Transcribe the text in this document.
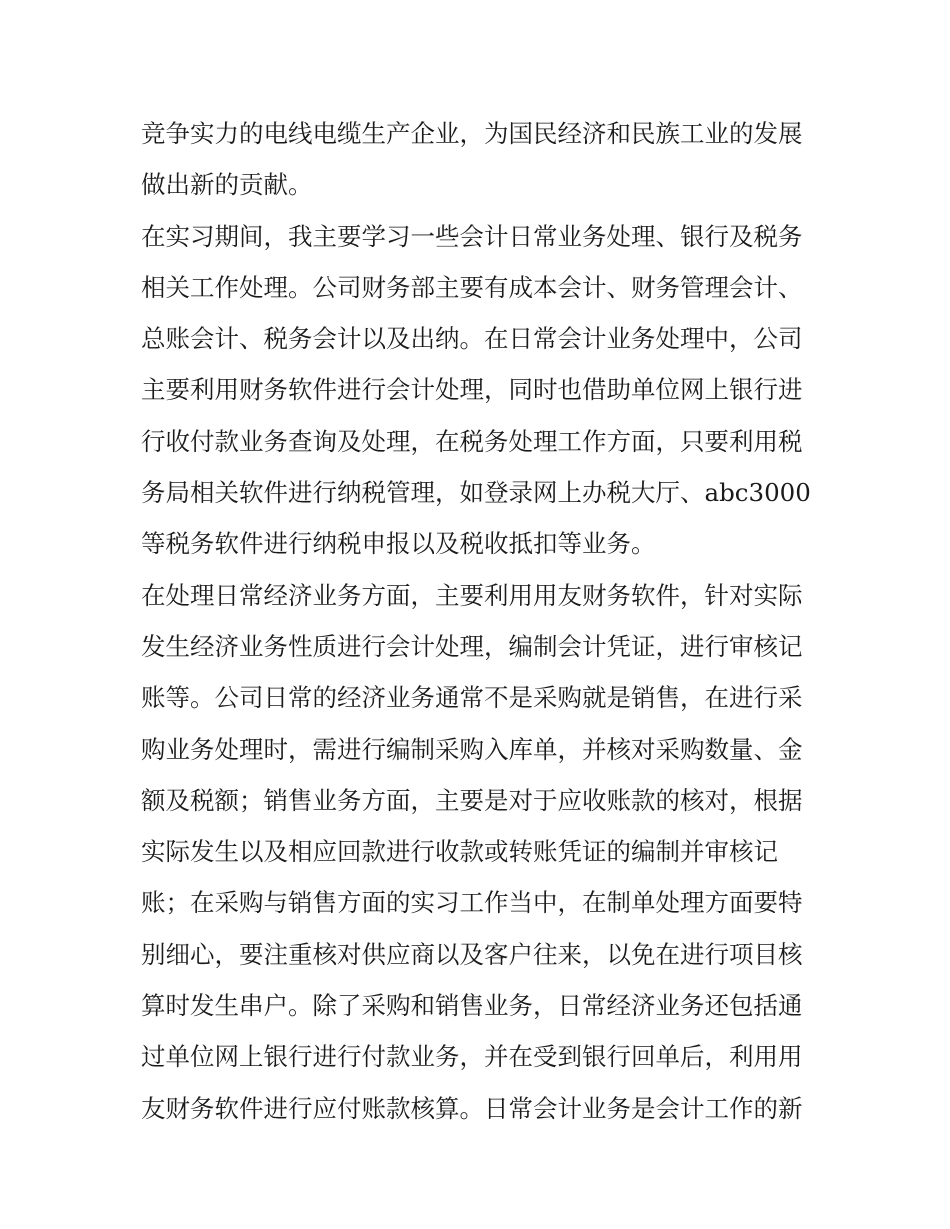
竞争实力的电线电缆生产企业，为国民经济和民族工业的发展
做出新的贡献。
在实习期间，我主要学习一些会计日常业务处理、银行及税务
相关工作处理。公司财务部主要有成本会计、财务管理会计、
总账会计、税务会计以及出纳。在日常会计业务处理中，公司
主要利用财务软件进行会计处理，同时也借助单位网上银行进
行收付款业务查询及处理，在税务处理工作方面，只要利用税
务局相关软件进行纳税管理，如登录网上办税大厅、abc3000
等税务软件进行纳税申报以及税收抵扣等业务。
在处理日常经济业务方面，主要利用用友财务软件，针对实际
发生经济业务性质进行会计处理，编制会计凭证，进行审核记
账等。公司日常的经济业务通常不是采购就是销售，在进行采
购业务处理时，需进行编制采购入库单，并核对采购数量、金
额及税额；销售业务方面，主要是对于应收账款的核对，根据
实际发生以及相应回款进行收款或转账凭证的编制并审核记
账；在采购与销售方面的实习工作当中，在制单处理方面要特
别细心，要注重核对供应商以及客户往来，以免在进行项目核
算时发生串户。除了采购和销售业务，日常经济业务还包括通
过单位网上银行进行付款业务，并在受到银行回单后，利用用
友财务软件进行应付账款核算。日常会计业务是会计工作的新
